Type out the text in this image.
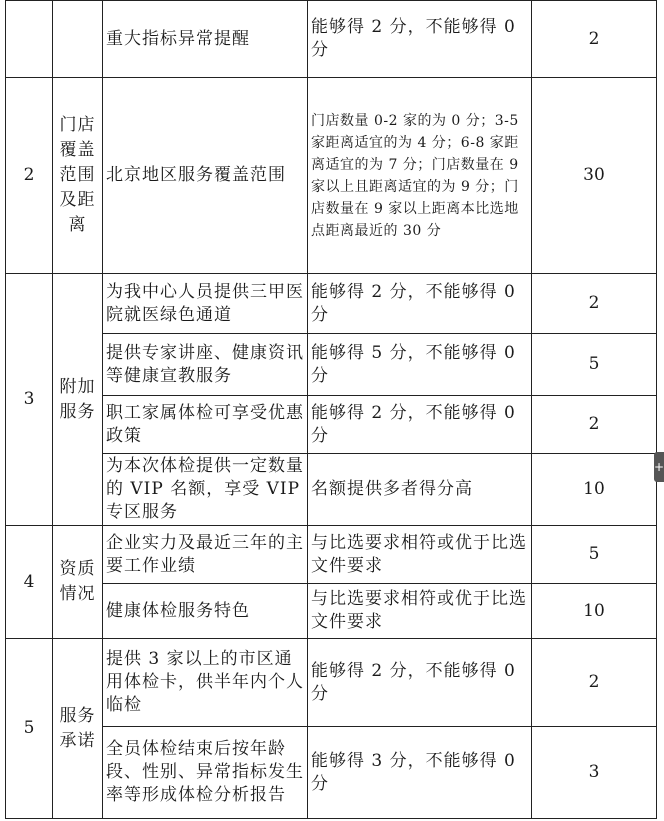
		重大指标异常提醒	能够得 2 分，不能够得 0 分	2
2	门店覆盖范围及距离	北京地区服务覆盖范围	门店数量 0-2 家的为 0 分；3-5 家距离适宜的为 4 分；6-8 家距离适宜的为 7 分；门店数量在 9 家以上且距离适宜的为 9 分；门店数量在 9 家以上距离本比选地点距离最近的 30 分	30
3	附加服务	为我中心人员提供三甲医院就医绿色通道	能够得 2 分，不能够得 0 分	2
		提供专家讲座、健康资讯等健康宣教服务	能够得 5 分，不能够得 0 分	5
		职工家属体检可享受优惠政策	能够得 2 分，不能够得 0 分	2
		为本次体检提供一定数量的 VIP 名额，享受 VIP 专区服务	名额提供多者得分高	10
4	资质情况	企业实力及最近三年的主要工作业绩	与比选要求相符或优于比选文件要求	5
		健康体检服务特色	与比选要求相符或优于比选文件要求	10
5	服务承诺	提供 3 家以上的市区通用体检卡，供半年内个人临检	能够得 2 分，不能够得 0 分	2
		全员体检结束后按年龄段、性别、异常指标发生率等形成体检分析报告	能够得 3 分，不能够得 0 分	3
+
